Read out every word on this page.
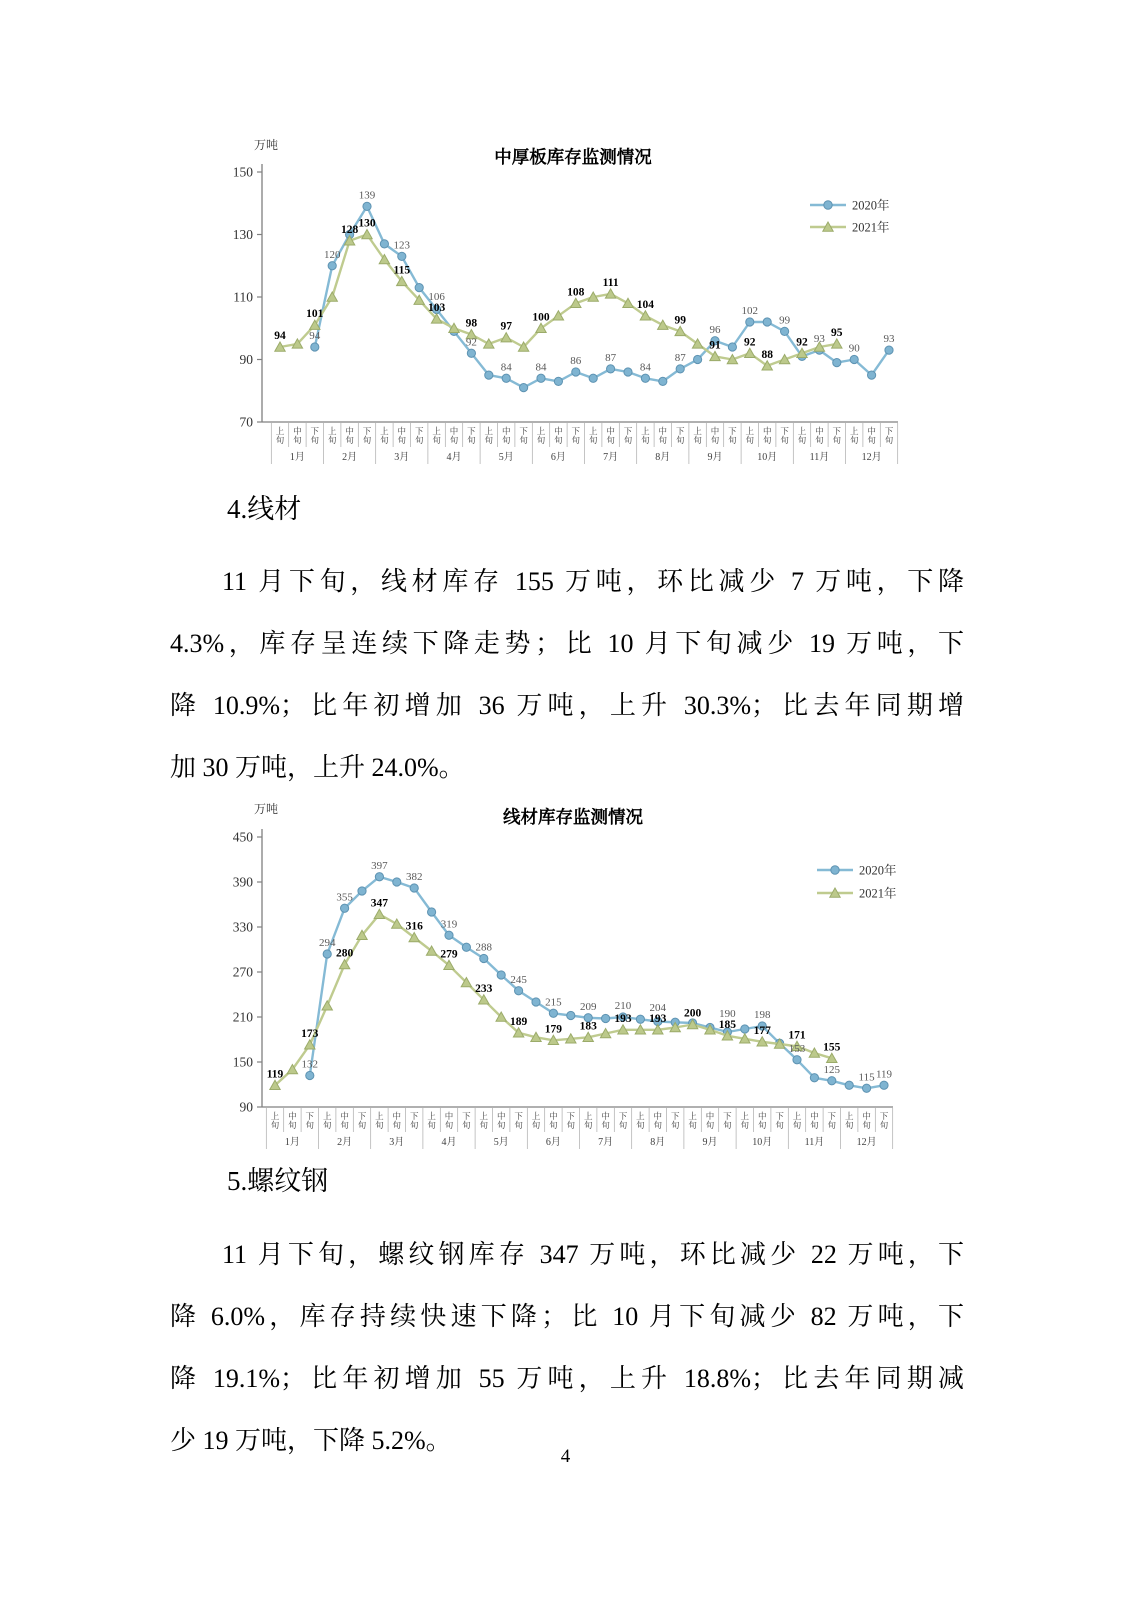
中厚板库存监测情况
万吨
70
90
110
130
150
上旬
中旬
下旬
上旬
中旬
下旬
上旬
中旬
下旬
上旬
中旬
下旬
上旬
中旬
下旬
上旬
中旬
下旬
上旬
中旬
下旬
上旬
中旬
下旬
上旬
中旬
下旬
上旬
中旬
下旬
上旬
中旬
下旬
上旬
中旬
下旬
1月	2月	3月	4月	5月	6月	7月	8月	9月	10月	11月	12月
2020年
2021年
94 94
101
120
128
139
130
123
115
106
103
92
98
84
97
84
100
86
108
87
111
84
104
87
99
96
91
102
92
88
99
92 93
95
90
93
4.线材
11 月下旬，线材库存 155 万吨，环比减少 7 万吨，下降
4.3%，库存呈连续下降走势；比 10 月下旬减少 19 万吨，下
降 10.9%；比年初增加 36 万吨，上升 30.3%；比去年同期增
加 30 万吨，上升 24.0%。
线材库存监测情况
万吨
90
150
210
270
330
390
450
上旬
中旬
下旬
上旬
中旬
下旬
上旬
中旬
下旬
上旬
中旬
下旬
上旬
中旬
下旬
上旬
中旬
下旬
上旬
中旬
下旬
上旬
中旬
下旬
上旬
中旬
下旬
上旬
中旬
下旬
上旬
中旬
下旬
上旬
中旬
下旬
1月	2月	3月	4月	5月	6月	7月	8月	9月	10月	11月	12月
2020年
2021年
119
132
173
294
355
280
397
347
382
316 319
279
288
233
245
189
215
179
209
183
210
193
204
193 200 190
185
198
177
153
171
125
155
115 119
5.螺纹钢
11 月下旬，螺纹钢库存 347 万吨，环比减少 22 万吨，下
降 6.0%，库存持续快速下降；比 10 月下旬减少 82 万吨，下
降 19.1%；比年初增加 55 万吨，上升 18.8%；比去年同期减
少 19 万吨，下降 5.2%。
4
